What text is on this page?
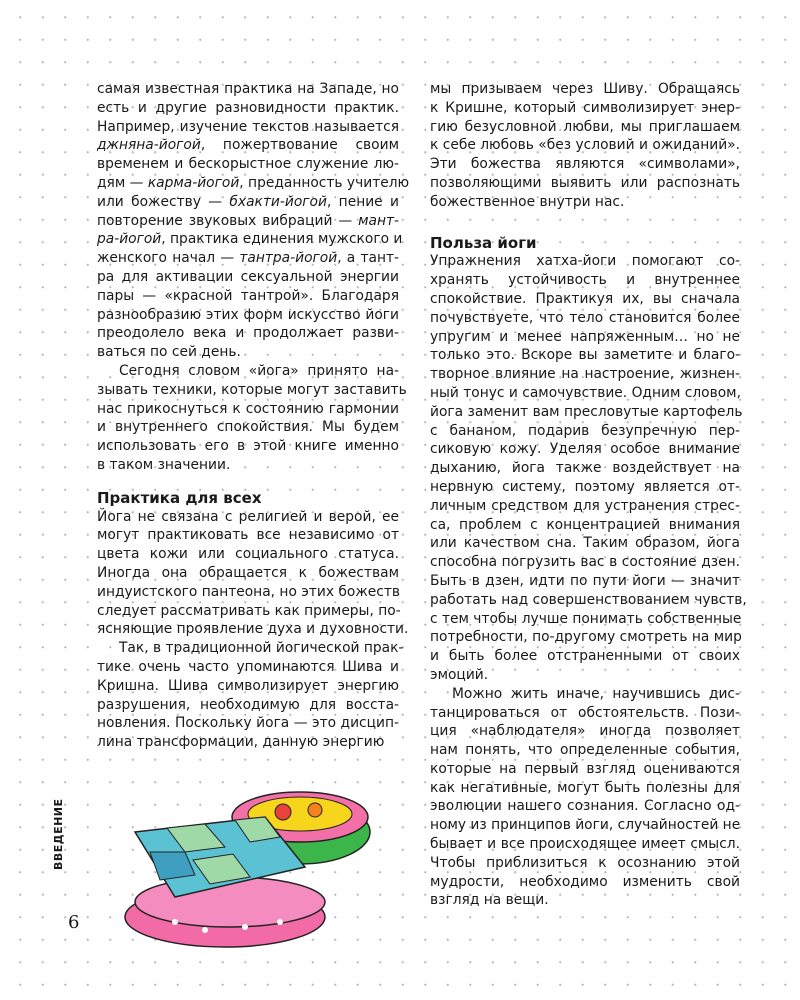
самая известная практика на Западе, но
есть и другие разновидности практик.
Например, изучение текстов называется
джняна-йогой, пожертвование своим
временем и бескорыстное служение лю-
дям — карма-йогой, преданность учителю
или божеству — бхакти-йогой, пение и
повторение звуковых вибраций — мант-
ра-йогой, практика единения мужского и
женского начал — тантра-йогой, а тант-
ра для активации сексуальной энергии
пары — «красной тантрой». Благодаря
разнообразию этих форм искусство йоги
преодолело века и продолжает разви-
ваться по сей день.
Сегодня словом «йога» принято на-
зывать техники, которые могут заставить
нас прикоснуться к состоянию гармонии
и внутреннего спокойствия. Мы будем
использовать его в этой книге именно
в таком значении.
Практика для всех
Йога не связана с религией и верой, ее
могут практиковать все независимо от
цвета кожи или социального статуса.
Иногда она обращается к божествам
индуистского пантеона, но этих божеств
следует рассматривать как примеры, по-
ясняющие проявление духа и духовности.
Так, в традиционной йогической прак-
тике очень часто упоминаются Шива и
Кришна. Шива символизирует энергию
разрушения, необходимую для восста-
новления. Поскольку йога — это дисцип-
лина трансформации, данную энергию
мы призываем через Шиву. Обращаясь
к Кришне, который символизирует энер-
гию безусловной любви, мы приглашаем
к себе любовь «без условий и ожиданий».
Эти божества являются «символами»,
позволяющими выявить или распознать
божественное внутри нас.
Польза йоги
Упражнения хатха-йоги помогают со-
хранять устойчивость и внутреннее
спокойствие. Практикуя их, вы сначала
почувствуете, что тело становится более
упругим и менее напряженным… но не
только это. Вскоре вы заметите и благо-
творное влияние на настроение, жизнен-
ный тонус и самочувствие. Одним словом,
йога заменит вам пресловутые картофель
с бананом, подарив безупречную пер-
сиковую кожу. Уделяя особое внимание
дыханию, йога также воздействует на
нервную систему, поэтому является от-
личным средством для устранения стрес-
са, проблем с концентрацией внимания
или качеством сна. Таким образом, йога
способна погрузить вас в состояние дзен.
Быть в дзен, идти по пути йоги — значит
работать над совершенствованием чувств,
с тем чтобы лучше понимать собственные
потребности, по-другому смотреть на мир
и быть более отстраненными от своих
эмоций.
Можно жить иначе, научившись дис-
танцироваться от обстоятельств. Пози-
ция «наблюдателя» иногда позволяет
нам понять, что определенные события,
которые на первый взгляд оцениваются
как негативные, могут быть полезны для
эволюции нашего сознания. Согласно од-
ному из принципов йоги, случайностей не
бывает и все происходящее имеет смысл.
Чтобы приблизиться к осознанию этой
мудрости, необходимо изменить свой
взгляд на вещи.
ВВЕДЕНИЕ
6
